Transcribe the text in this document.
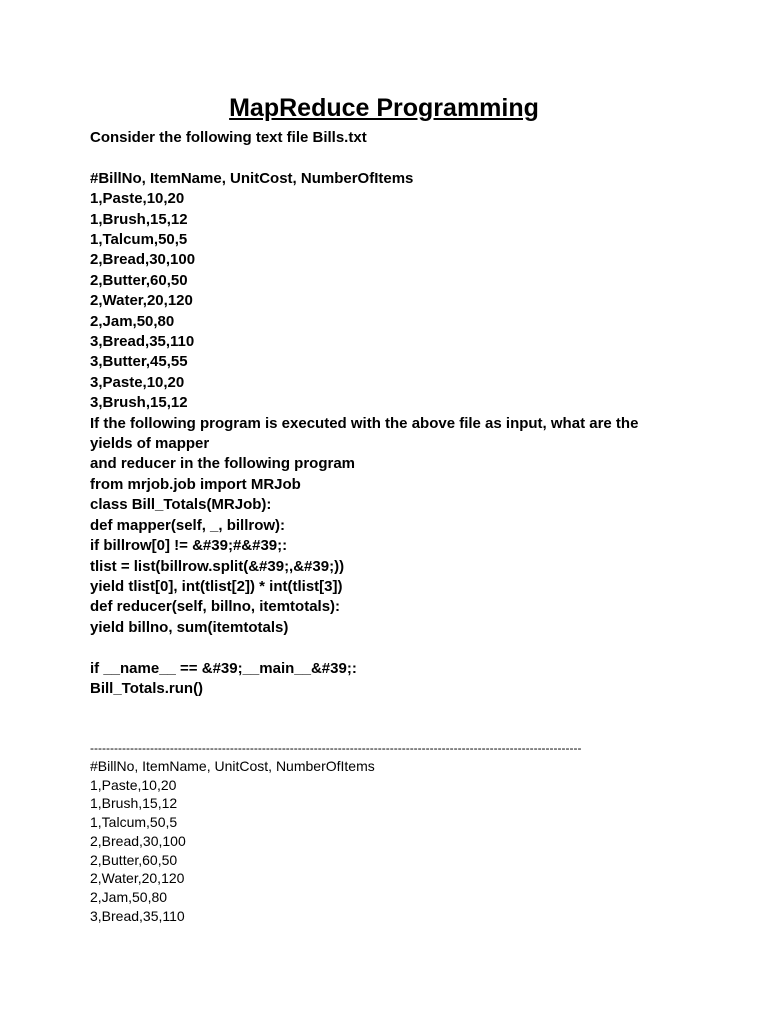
MapReduce Programming
Consider the following text file Bills.txt
#BillNo, ItemName, UnitCost, NumberOfItems
1,Paste,10,20
1,Brush,15,12
1,Talcum,50,5
2,Bread,30,100
2,Butter,60,50
2,Water,20,120
2,Jam,50,80
3,Bread,35,110
3,Butter,45,55
3,Paste,10,20
3,Brush,15,12
If the following program is executed with the above file as input, what are the
yields of mapper
and reducer in the following program
from mrjob.job import MRJob
class Bill_Totals(MRJob):
def mapper(self, _, billrow):
if billrow[0] != &#39;#&#39;:
tlist = list(billrow.split(&#39;,&#39;))
yield tlist[0], int(tlist[2]) * int(tlist[3])
def reducer(self, billno, itemtotals):
yield billno, sum(itemtotals)
if __name__ == &#39;__main__&#39;:
Bill_Totals.run()
---------------------------------------------------------------------------------------------------------------------------
#BillNo, ItemName, UnitCost, NumberOfItems
1,Paste,10,20
1,Brush,15,12
1,Talcum,50,5
2,Bread,30,100
2,Butter,60,50
2,Water,20,120
2,Jam,50,80
3,Bread,35,110
